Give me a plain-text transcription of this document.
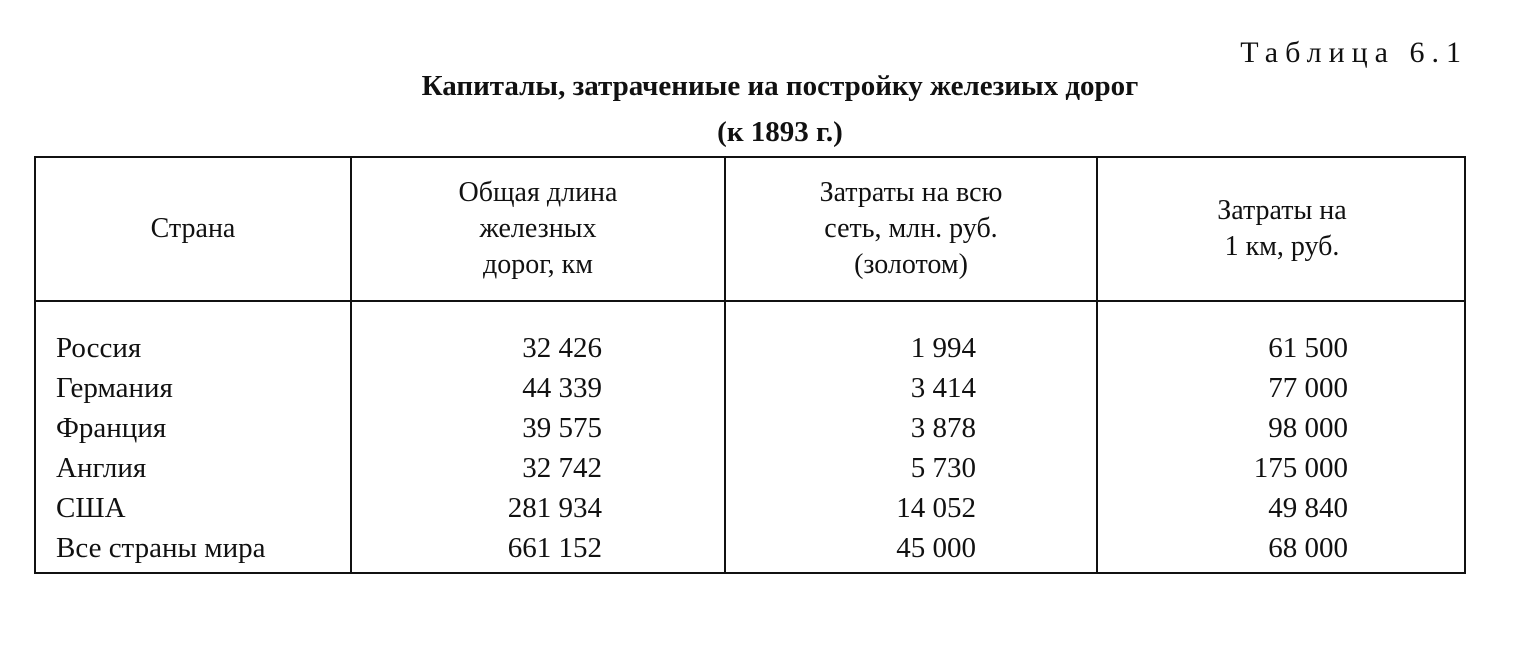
Таблица 6.1
Капиталы, затрачениые иа постройку железиых дорог
(к 1893 г.)
Страна
Общая длина
железных
дорог, км
Затраты на всю
сеть, млн. руб.
(золотом)
Затраты на
1 км, руб.
Россия
Германия
Франция
Англия
США
Все страны мира
32 426
44 339
39 575
32 742
281 934
661 152
1 994
3 414
3 878
5 730
14 052
45 000
61 500
77 000
98 000
175 000
49 840
68 000
